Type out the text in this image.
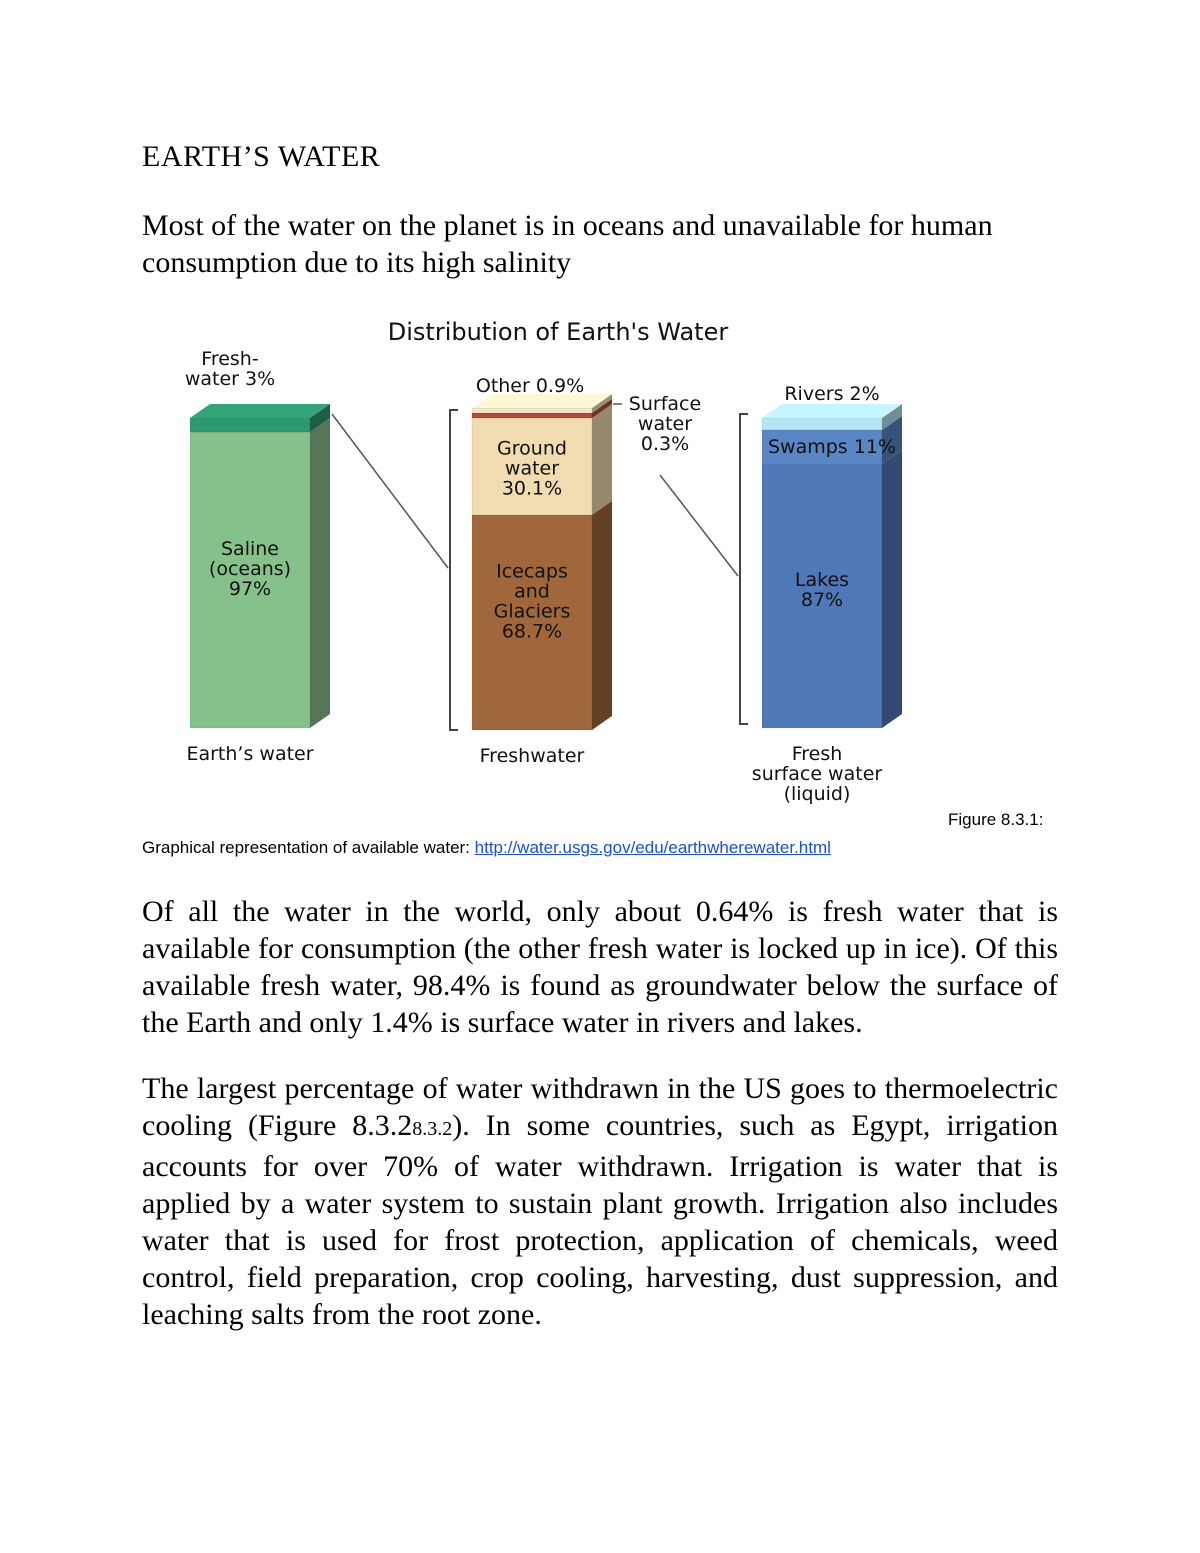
EARTH’S WATER
Most of the water on the planet is in oceans and unavailable for human consumption due to its high salinity
Distribution of Earth's Water
Earth’s water
Saline (oceans) 97%
Fresh-water 3%
Freshwater
Icecaps and Glaciers 68.7%
Ground water 30.1%
Surface water 0.3%
Other 0.9%
Fresh surface water (liquid)
Lakes 87%
Swamps 11%
Rivers 2%
Figure 8.3.1:
Graphical representation of available water: http://water.usgs.gov/edu/earthwherewater.html
Of all the water in the world, only about 0.64% is fresh water that is available for consumption (the other fresh water is locked up in ice). Of this available fresh water, 98.4% is found as groundwater below the surface of the Earth and only 1.4% is surface water in rivers and lakes.
The largest percentage of water withdrawn in the US goes to thermoelectric cooling (Figure 8.3.28.3.2). In some countries, such as Egypt, irrigation accounts for over 70% of water withdrawn. Irrigation is water that is applied by a water system to sustain plant growth. Irrigation also includes water that is used for frost protection, application of chemicals, weed control, field preparation, crop cooling, harvesting, dust suppression, and leaching salts from the root zone.
